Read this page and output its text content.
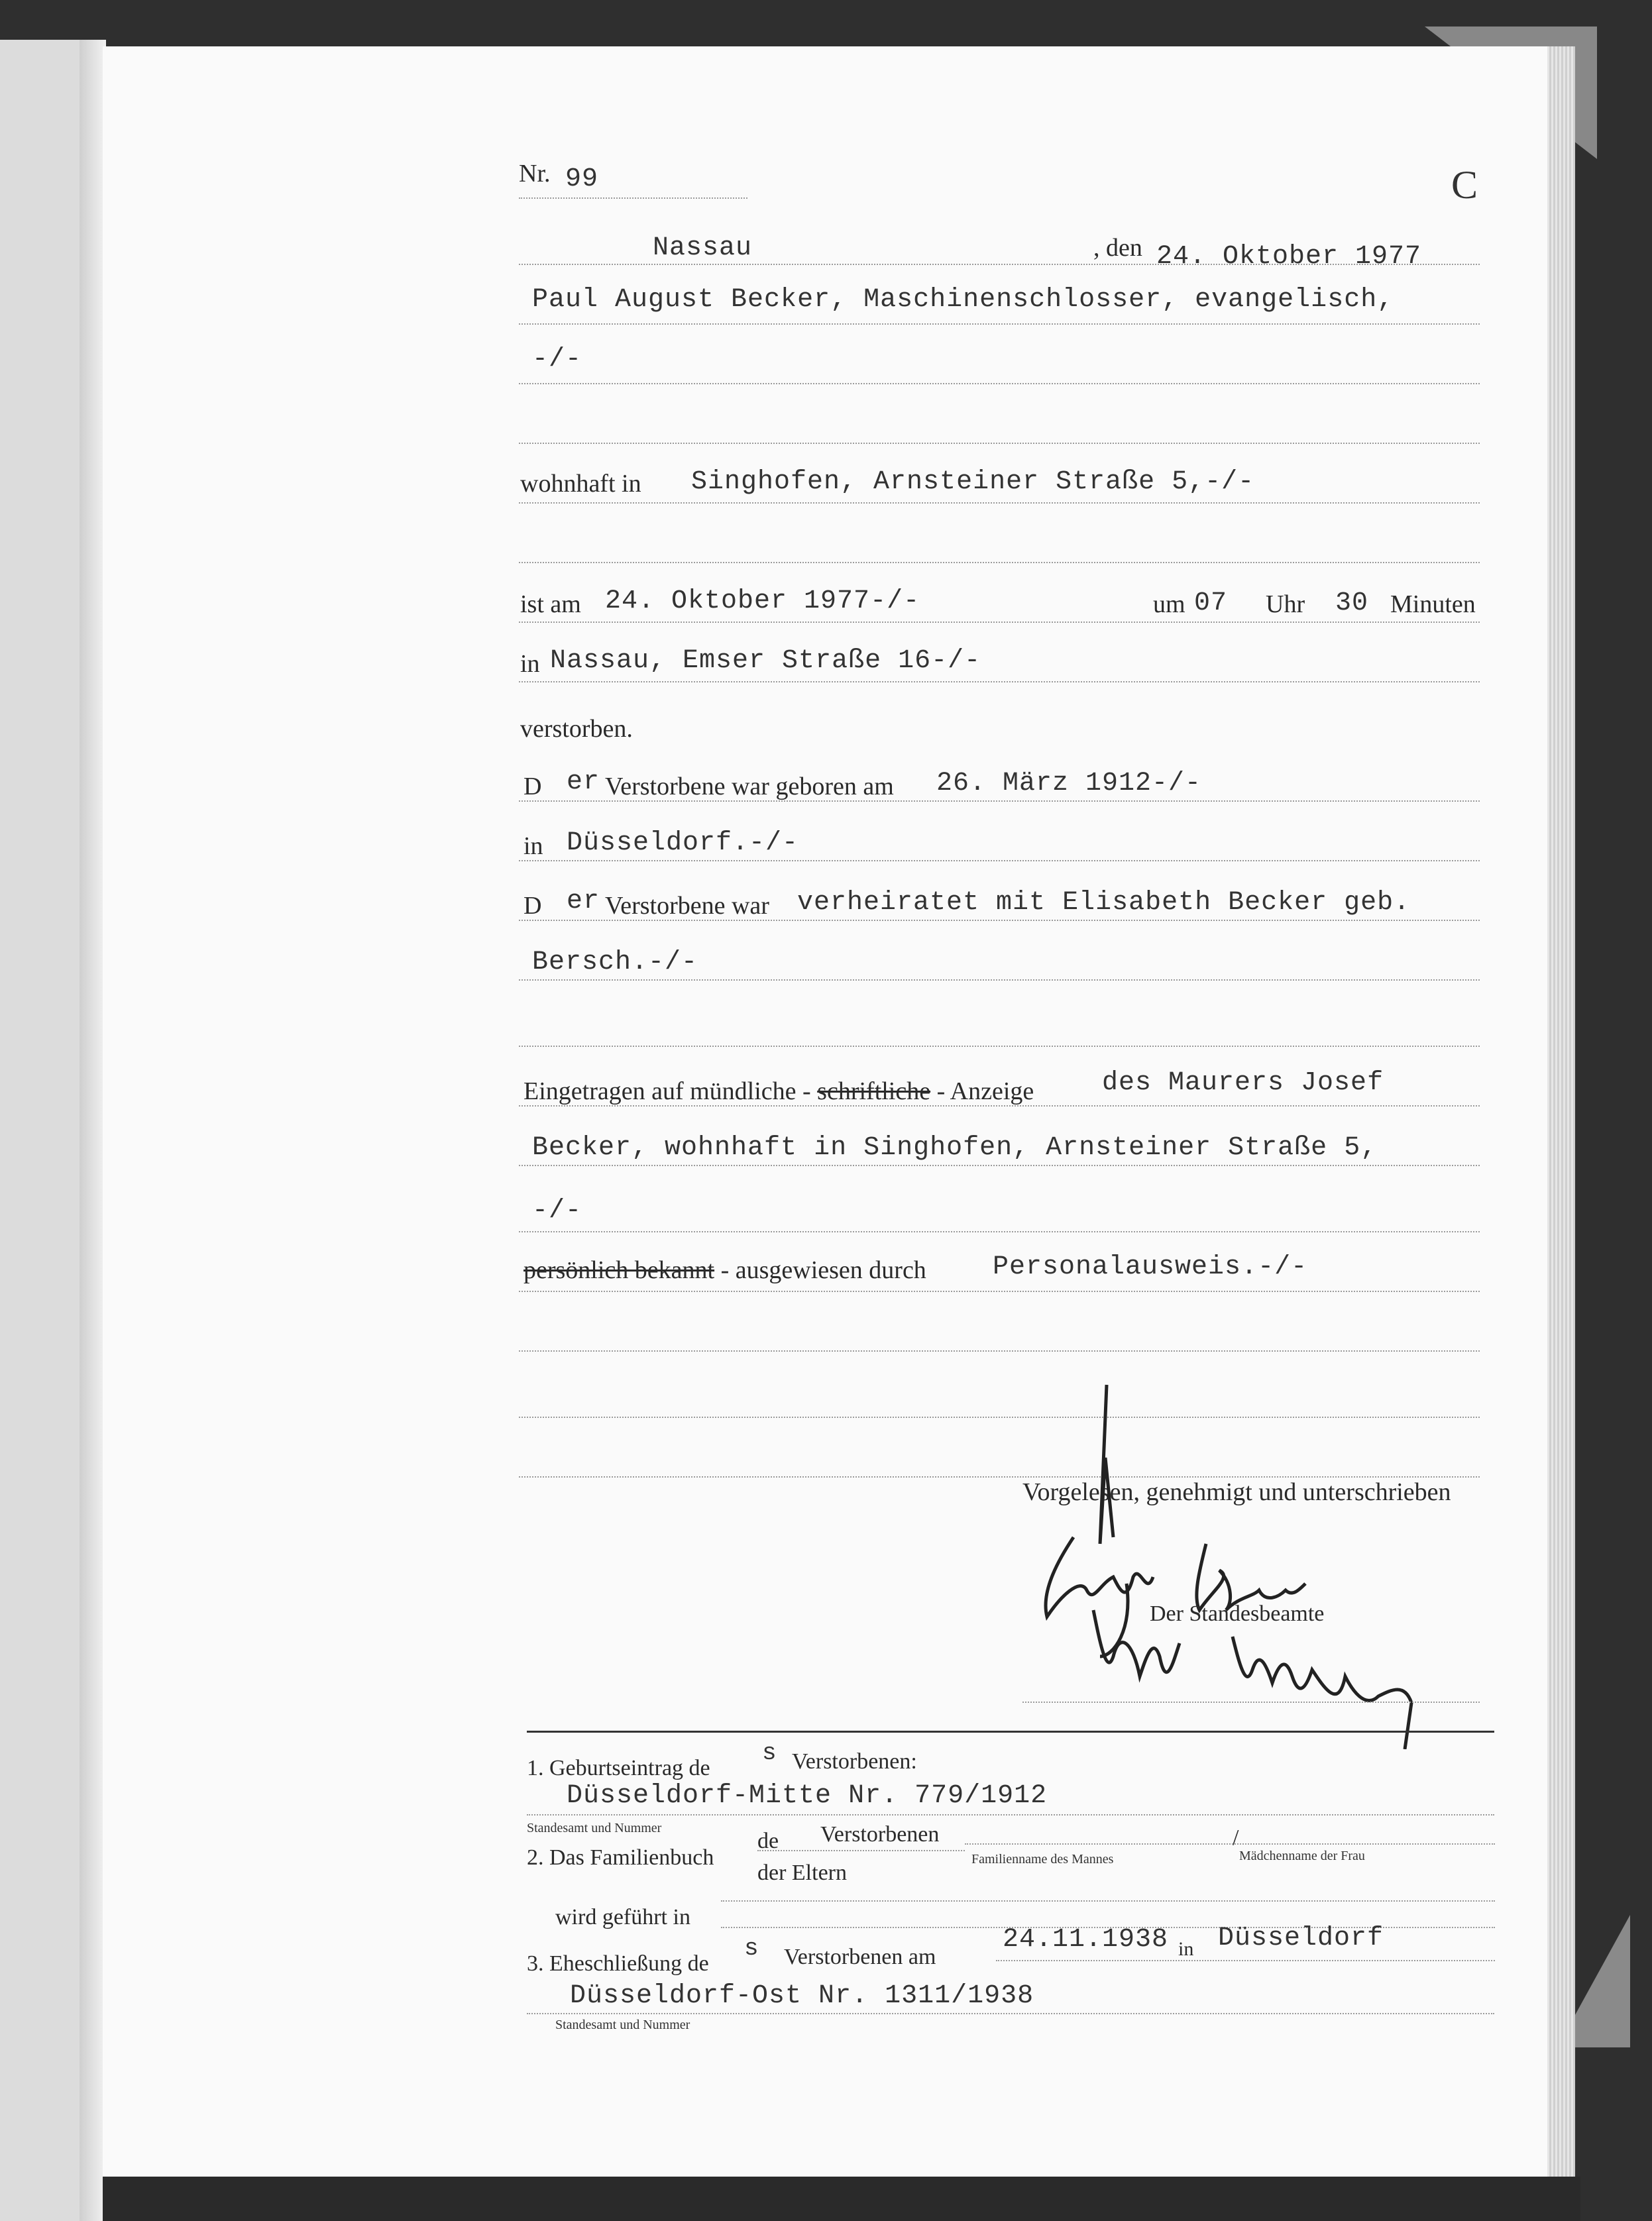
Nr. 99	C
Nassau	, den 24. Oktober 1977
Paul August Becker, Maschinenschlosser, evangelisch,
-/-
wohnhaft in Singhofen, Arnsteiner Straße 5,-/-
ist am 24. Oktober 1977-/-	um 07 Uhr 30 Minuten
in Nassau, Emser Straße 16-/-
verstorben.
D er Verstorbene war geboren am 26. März 1912-/-
in Düsseldorf.-/-
D er Verstorbene war verheiratet mit Elisabeth Becker geb.
Bersch.-/-
Eingetragen auf mündliche - schriftliche - Anzeige	des Maurers Josef
Becker, wohnhaft in Singhofen, Arnsteiner Straße 5,
-/-
persönlich bekannt - ausgewiesen durch	Personalausweis.-/-
Vorgelesen, genehmigt und unterschrieben
Der Standesbeamte
1. Geburtseintrag de
s Verstorbenen:
Düsseldorf-Mitte Nr. 779/1912
Standesamt und Nummer
2. Das Familienbuch
de Verstorbenen
der Eltern
Familienname des Mannes
/
Mädchenname der Frau
wird geführt in
3. Eheschließung de
s Verstorbenen am
24.11.1938 in Düsseldorf
Düsseldorf-Ost Nr. 1311/1938
Standesamt und Nummer
